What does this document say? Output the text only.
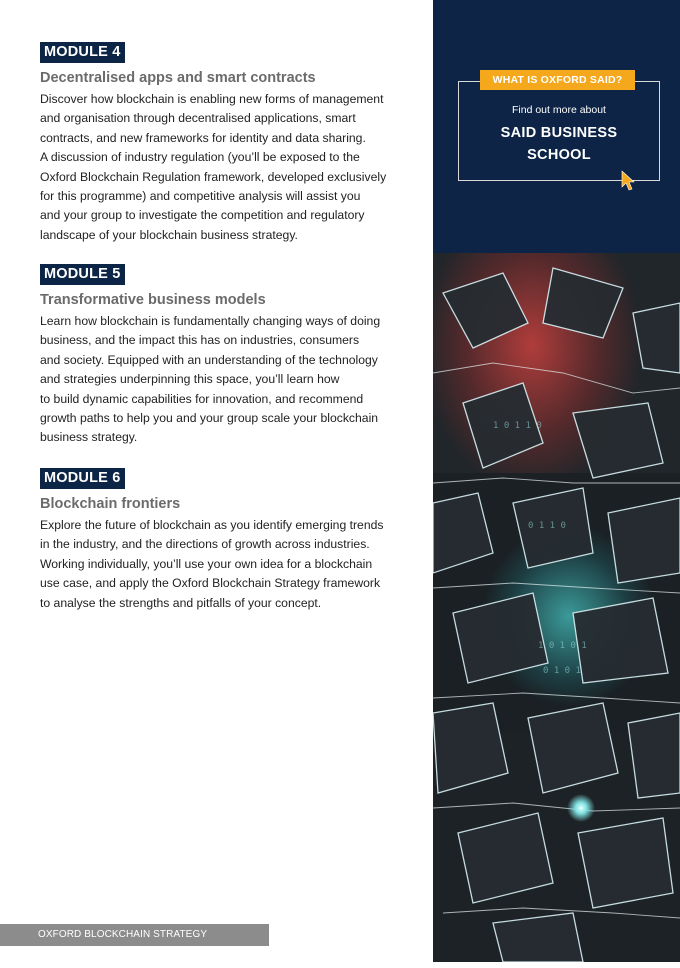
MODULE 4
Decentralised apps and smart contracts

Discover how blockchain is enabling new forms of management

and organisation through decentralised applications, smart

contracts, and new frameworks for identity and data sharing.

A discussion of industry regulation (you’ll be exposed to the

Oxford Blockchain Regulation framework, developed exclusively

for this programme) and competitive analysis will assist you

and your group to investigate the competition and regulatory

landscape of your blockchain business strategy.

MODULE 5
Transformative business models

Learn how blockchain is fundamentally changing ways of doing

business, and the impact this has on industries, consumers

and society. Equipped with an understanding of the technology

and strategies underpinning this space, you’ll learn how

to build dynamic capabilities for innovation, and recommend

growth paths to help you and your group scale your blockchain

business strategy.

MODULE 6
Blockchain frontiers

Explore the future of blockchain as you identify emerging trends

in the industry, and the directions of growth across industries.

Working individually, you’ll use your own idea for a blockchain

use case, and apply the Oxford Blockchain Strategy framework

to analyse the strengths and pitfalls of your concept.

OXFORD BLOCKCHAIN STRATEGY PROGRAMME
WHAT IS OXFORD SAID?
Find out more about
SAID BUSINESS
SCHOOL
0 1 1 0
1 0 1 0 1
0 1 0 1
1 0 1 1 0
